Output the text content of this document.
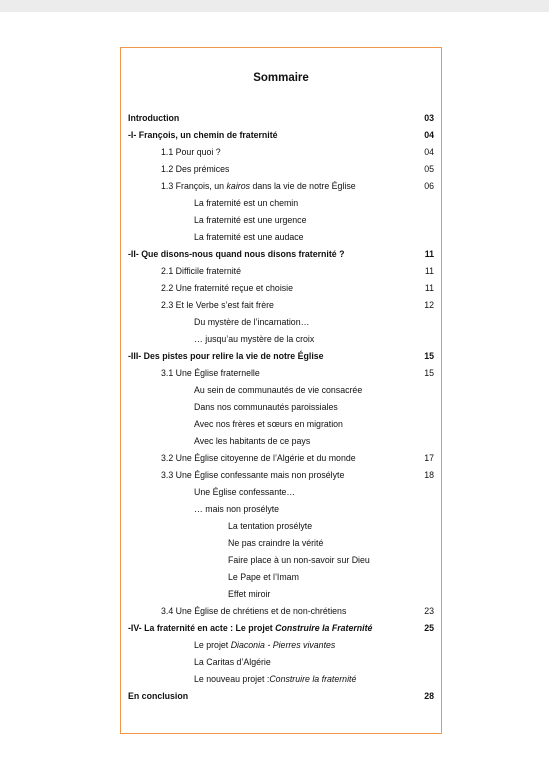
Sommaire
Introduction	03
-I- François, un chemin de fraternité	04
1.1 Pour quoi ?	04
1.2 Des prémices	05
1.3 François, un kairos dans la vie de notre Église	06
La fraternité est un chemin
La fraternité est une urgence
La fraternité est une audace
-II- Que disons-nous quand nous disons fraternité ?	11
2.1 Difficile fraternité	11
2.2 Une fraternité reçue et choisie	11
2.3 Et le Verbe s’est fait frère	12
Du mystère de l’incarnation…
… jusqu’au mystère de la croix
-III- Des pistes pour relire la vie de notre Église	15
3.1 Une Église fraternelle	15
Au sein de communautés de vie consacrée
Dans nos communautés paroissiales
Avec nos frères et sœurs en migration
Avec les habitants de ce pays
3.2 Une Église citoyenne de l’Algérie et du monde	17
3.3 Une Église confessante mais non prosélyte	18
Une Église confessante…
… mais non prosélyte
La tentation prosélyte
Ne pas craindre la vérité
Faire place à un non-savoir sur Dieu
Le Pape et l’Imam
Effet miroir
3.4 Une Église de chrétiens et de non-chrétiens	23
-IV- La fraternité en acte : Le projet Construire la Fraternité	25
Le projet Diaconia - Pierres vivantes
La Caritas d’Algérie
Le nouveau projet :Construire la fraternité
En conclusion	28
